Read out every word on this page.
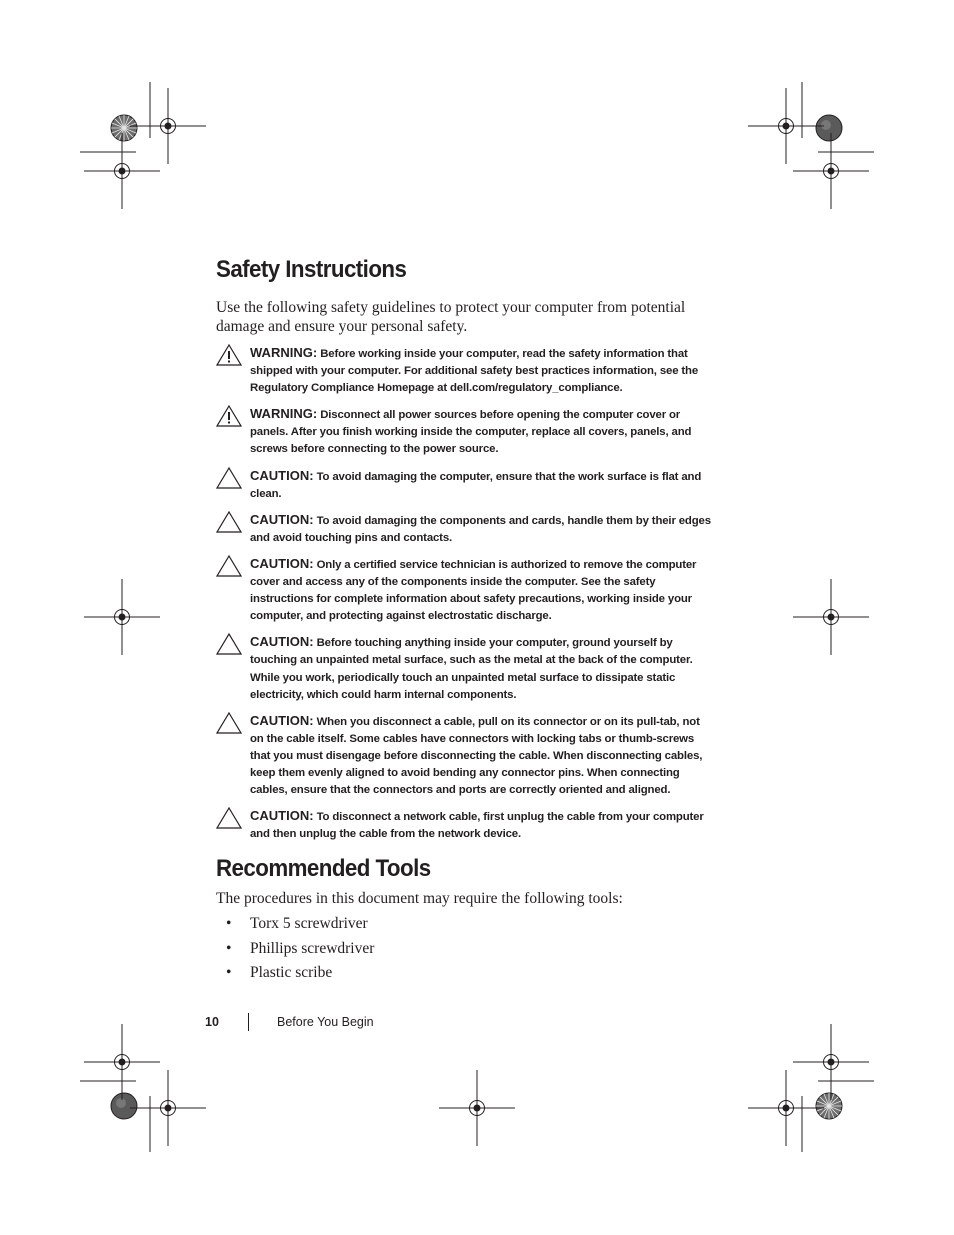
Safety Instructions

Use the following safety guidelines to protect your computer from potential damage and ensure your personal safety.

WARNING: Before working inside your computer, read the safety information that shipped with your computer. For additional safety best practices information, see the Regulatory Compliance Homepage at dell.com/regulatory_compliance.
WARNING: Disconnect all power sources before opening the computer cover or panels. After you finish working inside the computer, replace all covers, panels, and screws before connecting to the power source.
CAUTION: To avoid damaging the computer, ensure that the work surface is flat and clean.
CAUTION: To avoid damaging the components and cards, handle them by their edges and avoid touching pins and contacts.
CAUTION: Only a certified service technician is authorized to remove the computer cover and access any of the components inside the computer. See the safety instructions for complete information about safety precautions, working inside your computer, and protecting against electrostatic discharge.
CAUTION: Before touching anything inside your computer, ground yourself by touching an unpainted metal surface, such as the metal at the back of the computer. While you work, periodically touch an unpainted metal surface to dissipate static electricity, which could harm internal components.
CAUTION: When you disconnect a cable, pull on its connector or on its pull-tab, not on the cable itself. Some cables have connectors with locking tabs or thumb-screws that you must disengage before disconnecting the cable. When disconnecting cables, keep them evenly aligned to avoid bending any connector pins. When connecting cables, ensure that the connectors and ports are correctly oriented and aligned.
CAUTION: To disconnect a network cable, first unplug the cable from your computer and then unplug the cable from the network device.
Recommended Tools

The procedures in this document may require the following tools:

• Torx 5 screwdriver
• Phillips screwdriver
• Plastic scribe
10	Before You Begin
